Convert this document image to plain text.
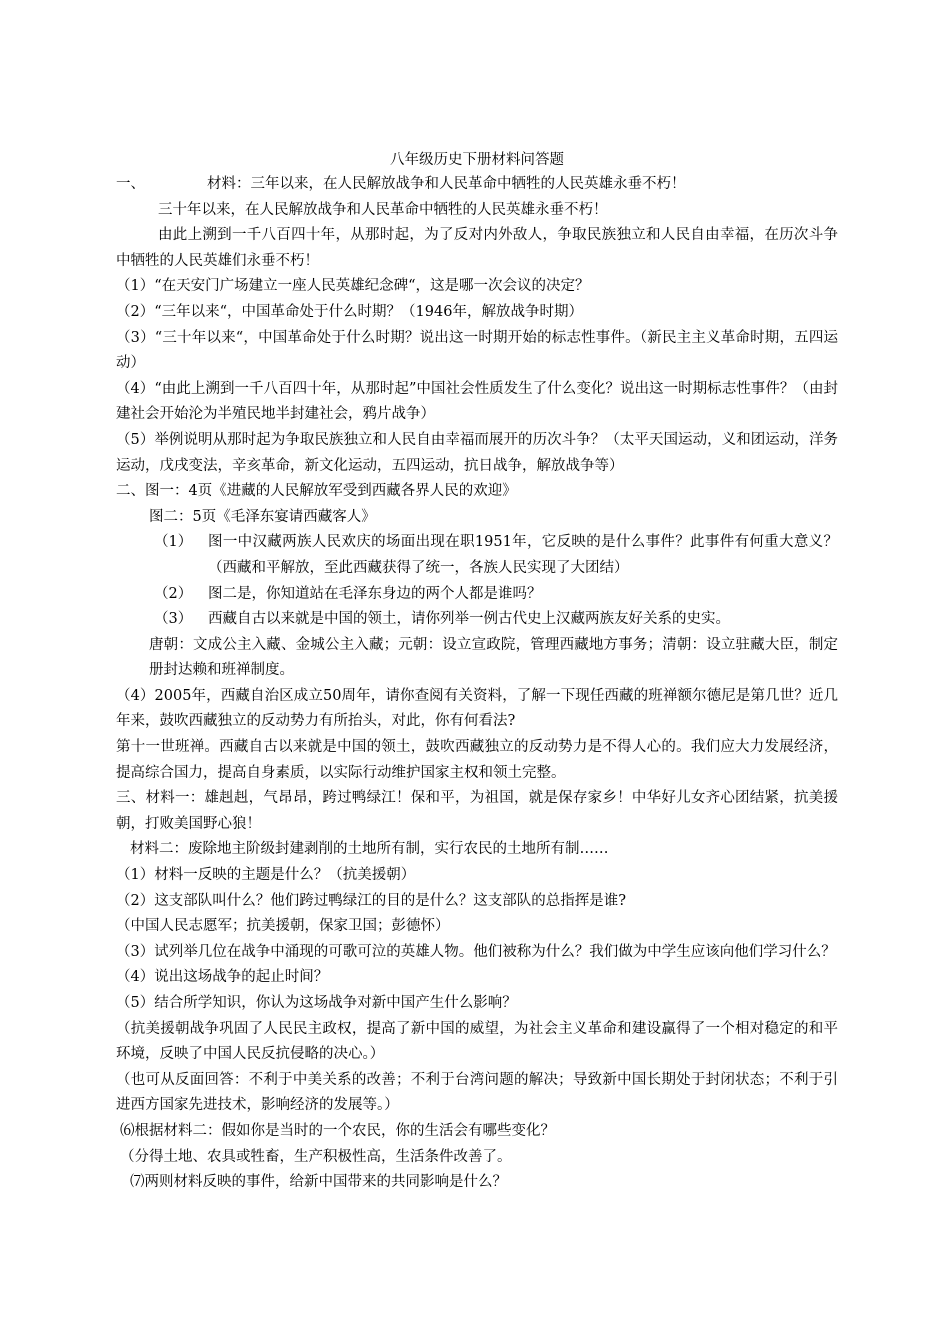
八年级历史下册材料问答题
一、	材料：三年以来，在人民解放战争和人民革命中牺牲的人民英雄永垂不朽！
三十年以来，在人民解放战争和人民革命中牺牲的人民英雄永垂不朽！
由此上溯到一千八百四十年，从那时起，为了反对内外敌人，争取民族独立和人民自由幸福，在历次斗争中牺牲的人民英雄们永垂不朽！
（1）“在天安门广场建立一座人民英雄纪念碑“，这是哪一次会议的决定？
（2）“三年以来“，中国革命处于什么时期？（1946年，解放战争时期）
（3）“三十年以来“，中国革命处于什么时期？说出这一时期开始的标志性事件。（新民主主义革命时期，五四运动）
（4）“由此上溯到一千八百四十年，从那时起”中国社会性质发生了什么变化？说出这一时期标志性事件？（由封建社会开始沦为半殖民地半封建社会，鸦片战争）
（5）举例说明从那时起为争取民族独立和人民自由幸福而展开的历次斗争？（太平天国运动，义和团运动，洋务运动，戊戌变法，辛亥革命，新文化运动，五四运动，抗日战争，解放战争等）
二、图一：4页《进藏的人民解放军受到西藏各界人民的欢迎》
图二：5页《毛泽东宴请西藏客人》
（1）	图一中汉藏两族人民欢庆的场面出现在职1951年，它反映的是什么事件？此事件有何重大意义？（西藏和平解放，至此西藏获得了统一，各族人民实现了大团结）
（2）	图二是，你知道站在毛泽东身边的两个人都是谁吗？
（3）	西藏自古以来就是中国的领土，请你列举一例古代史上汉藏两族友好关系的史实。
唐朝：文成公主入藏、金城公主入藏；元朝：设立宣政院，管理西藏地方事务；清朝：设立驻藏大臣，制定册封达赖和班禅制度。
（4）2005年，西藏自治区成立50周年，请你查阅有关资料，了解一下现任西藏的班禅额尔德尼是第几世？近几年来，鼓吹西藏独立的反动势力有所抬头，对此，你有何看法?
第十一世班禅。西藏自古以来就是中国的领土，鼓吹西藏独立的反动势力是不得人心的。我们应大力发展经济，提高综合国力，提高自身素质，以实际行动维护国家主权和领土完整。
三、材料一：雄赳赳，气昂昂，跨过鸭绿江！保和平，为祖国，就是保存家乡！中华好儿女齐心团结紧，抗美援朝，打败美国野心狼！
材料二：废除地主阶级封建剥削的土地所有制，实行农民的土地所有制……
（1）材料一反映的主题是什么？（抗美援朝）
（2）这支部队叫什么？他们跨过鸭绿江的目的是什么？这支部队的总指挥是谁?
（中国人民志愿军；抗美援朝，保家卫国；彭德怀）
（3）试列举几位在战争中涌现的可歌可泣的英雄人物。他们被称为什么？我们做为中学生应该向他们学习什么？
（4）说出这场战争的起止时间？
（5）结合所学知识，你认为这场战争对新中国产生什么影响？
（抗美援朝战争巩固了人民民主政权，提高了新中国的威望，为社会主义革命和建设赢得了一个相对稳定的和平环境，反映了中国人民反抗侵略的决心。）
（也可从反面回答：不利于中美关系的改善；不利于台湾问题的解决；导致新中国长期处于封闭状态；不利于引进西方国家先进技术，影响经济的发展等。）
⑹根据材料二：假如你是当时的一个农民，你的生活会有哪些变化？
（分得土地、农具或牲畜，生产积极性高，生活条件改善了。
⑺两则材料反映的事件，给新中国带来的共同影响是什么？
